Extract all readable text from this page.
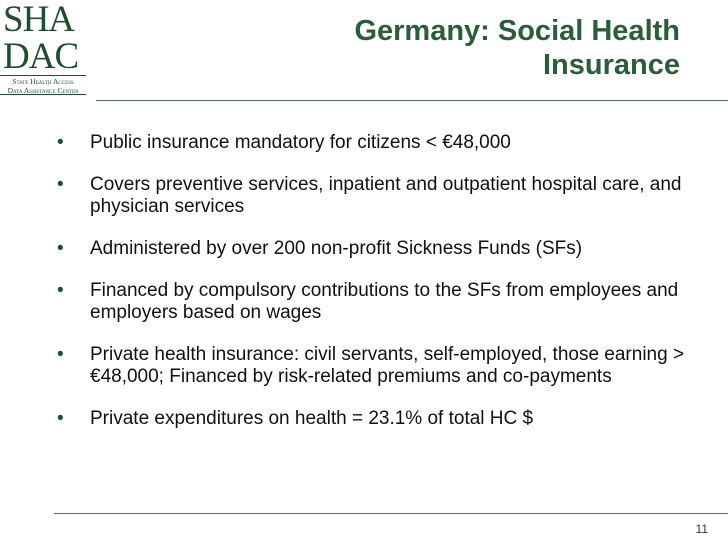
SHA
DAC
State Health Access
Data Assistance Center
Germany: Social Health
Insurance
• Public insurance mandatory for citizens < €48,000
• Covers preventive services, inpatient and outpatient hospital care, and physician services
• Administered by over 200 non-profit Sickness Funds (SFs)
• Financed by compulsory contributions to the SFs from employees and employers based on wages
• Private health insurance: civil servants, self-employed, those earning > €48,000; Financed by risk-related premiums and co-payments
• Private expenditures on health = 23.1% of total HC $
11
